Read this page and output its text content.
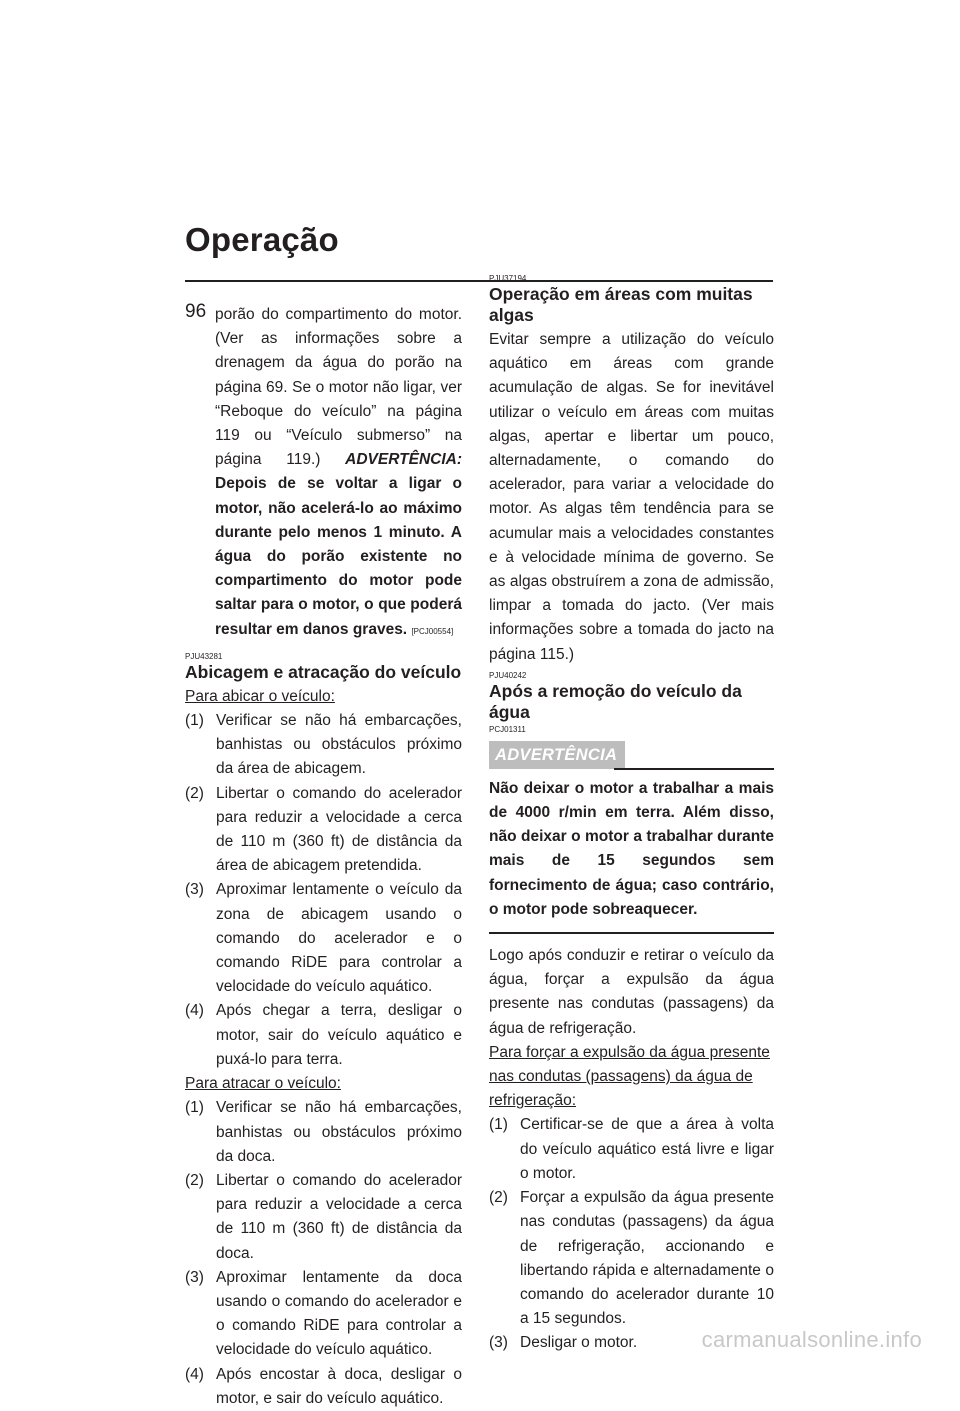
Operação
96 porão do compartimento do motor. (Ver as informações sobre a drenagem da água do porão na página 69. Se o motor não ligar, ver “Reboque do veículo” na página 119 ou “Veículo submerso” na página 119.) ADVERTÊNCIA: Depois de se voltar a ligar o motor, não acelerá-lo ao máximo durante pelo menos 1 minuto. A água do porão existente no compartimento do motor pode saltar para o motor, o que poderá resultar em danos graves. [PCJ00554]

PJU43281
Abicagem e atracação do veículo
Para abicar o veículo:
(1) Verificar se não há embarcações, banhistas ou obstáculos próximo da área de abicagem.
(2) Libertar o comando do acelerador para reduzir a velocidade a cerca de 110 m (360 ft) de distância da área de abicagem pretendida.
(3) Aproximar lentamente o veículo da zona de abicagem usando o comando do acelerador e o comando RiDE para controlar a velocidade do veículo aquático.
(4) Após chegar a terra, desligar o motor, sair do veículo aquático e puxá-lo para terra.
Para atracar o veículo:
(1) Verificar se não há embarcações, banhistas ou obstáculos próximo da doca.
(2) Libertar o comando do acelerador para reduzir a velocidade a cerca de 110 m (360 ft) de distância da doca.
(3) Aproximar lentamente da doca usando o comando do acelerador e o comando RiDE para controlar a velocidade do veículo aquático.
(4) Após encostar à doca, desligar o motor, e sair do veículo aquático.
PJU37194
Operação em áreas com muitas algas

Evitar sempre a utilização do veículo aquático em áreas com grande acumulação de algas. Se for inevitável utilizar o veículo em áreas com muitas algas, apertar e libertar um pouco, alternadamente, o comando do acelerador, para variar a velocidade do motor. As algas têm tendência para se acumular mais a velocidades constantes e à velocidade mínima de governo. Se as algas obstruírem a zona de admissão, limpar a tomada do jacto. (Ver mais informações sobre a tomada do jacto na página 115.)

PJU40242
Após a remoção do veículo da água
PCJ01311
ADVERTÊNCIA

Não deixar o motor a trabalhar a mais de 4000 r/min em terra. Além disso, não deixar o motor a trabalhar durante mais de 15 segundos sem fornecimento de água; caso contrário, o motor pode sobreaquecer.

Logo após conduzir e retirar o veículo da água, forçar a expulsão da água presente nas condutas (passagens) da água de refrigeração.

Para forçar a expulsão da água presente nas condutas (passagens) da água de refrigeração:
(1) Certificar-se de que a área à volta do veículo aquático está livre e ligar o motor.
(2) Forçar a expulsão da água presente nas condutas (passagens) da água de refrigeração, accionando e libertando rápida e alternadamente o comando do acelerador durante 10 a 15 segundos.
(3) Desligar o motor.	carmanualsonline.info
